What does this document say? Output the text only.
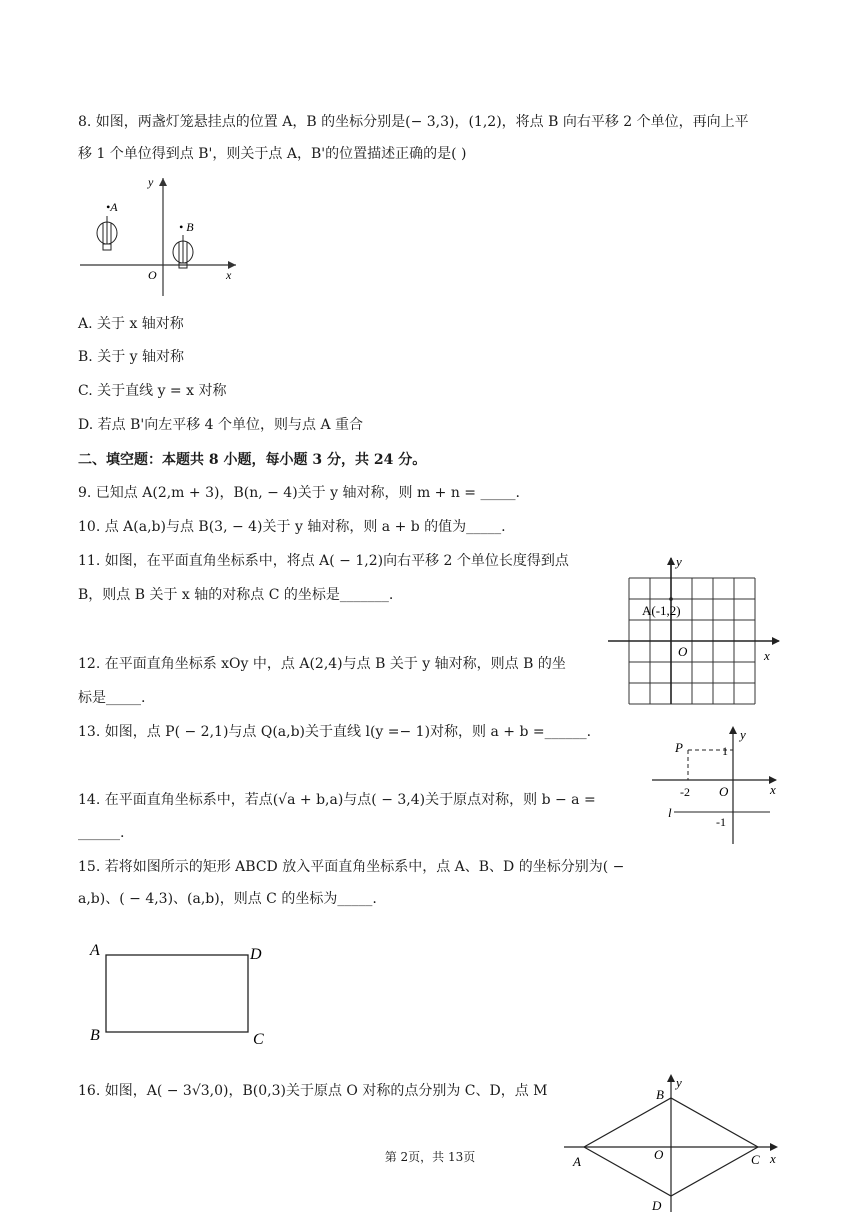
8. 如图，两盏灯笼悬挂点的位置 A，B 的坐标分别是(− 3,3)，(1,2)，将点 B 向右平移 2 个单位，再向上平
移 1 个单位得到点 B'，则关于点 A，B'的位置描述正确的是( )
y
x
O
•A
• B
A. 关于 x 轴对称
B. 关于 y 轴对称
C. 关于直线 y = x 对称
D. 若点 B'向左平移 4 个单位，则与点 A 重合
二、填空题：本题共 8 小题，每小题 3 分，共 24 分。
9. 已知点 A(2,m + 3)，B(n, − 4)关于 y 轴对称，则 m + n = _____.
10. 点 A(a,b)与点 B(3, − 4)关于 y 轴对称，则 a + b 的值为_____.
11. 如图，在平面直角坐标系中，将点 A( − 1,2)向右平移 2 个单位长度得到点
B，则点 B 关于 x 轴的对称点 C 的坐标是_______.
y
x
O
A(-1,2)
12. 在平面直角坐标系 xOy 中，点 A(2,4)与点 B 关于 y 轴对称，则点 B 的坐
标是_____.
13. 如图，点 P( − 2,1)与点 Q(a,b)关于直线 l(y =− 1)对称，则 a + b =______.	y
x
O
P	1
-2
-1
l
14. 在平面直角坐标系中，若点(√a + b,a)与点( − 3,4)关于原点对称，则 b − a =
______.
15. 若将如图所示的矩形 ABCD 放入平面直角坐标系中，点 A、B、D 的坐标分别为( −
a,b)、( − 4,3)、(a,b)，则点 C 的坐标为_____.
A	D
B	C
16. 如图，A( − 3√3,0)，B(0,3)关于原点 O 对称的点分别为 C、D，点 M
y
x
B
A	O	C
D
第 2页，共 13页
